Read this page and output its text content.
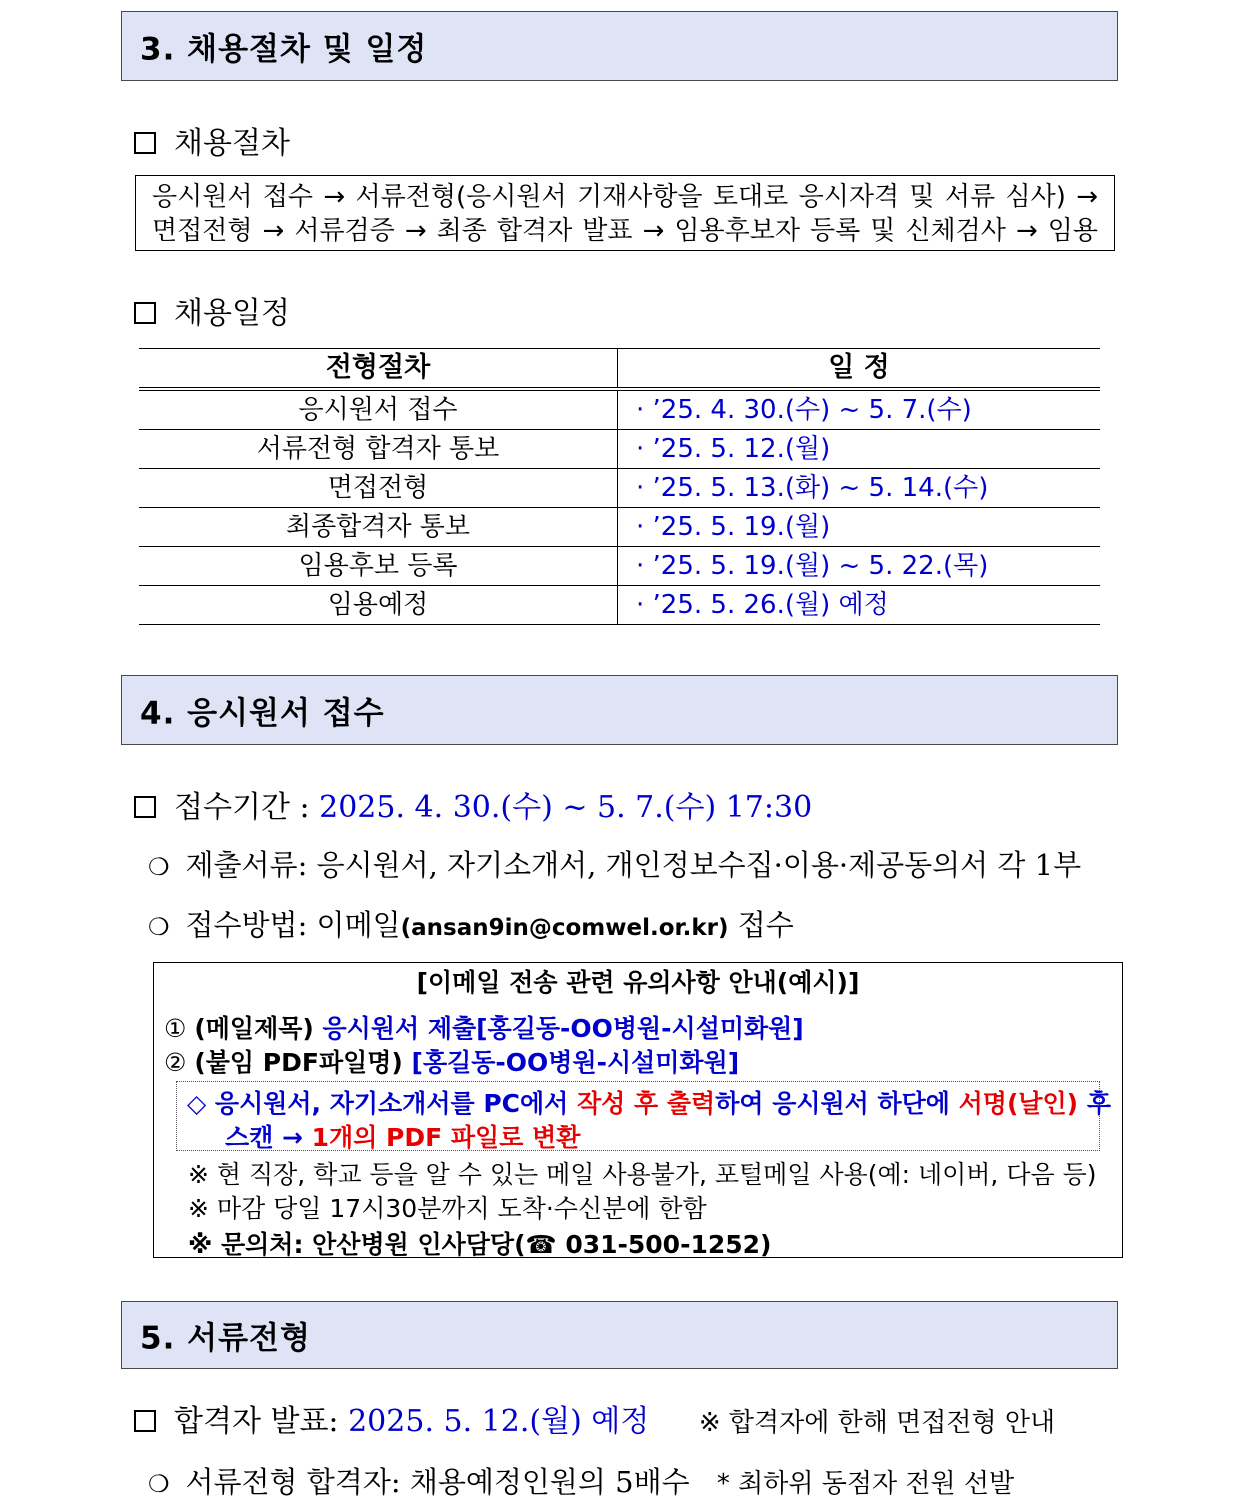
3. 채용절차 및 일정
채용절차
응시원서 접수 → 서류전형(응시원서 기재사항을 토대로 응시자격 및 서류 심사) →
면접전형 → 서류검증 → 최종 합격자 발표 → 임용후보자 등록 및 신체검사 → 임용
채용일정
전형절차	일 정
응시원서 접수	· ’25. 4. 30.(수) ~ 5. 7.(수)
서류전형 합격자 통보	· ’25. 5. 12.(월)
면접전형	· ’25. 5. 13.(화) ~ 5. 14.(수)
최종합격자 통보	· ’25. 5. 19.(월)
임용후보 등록	· ’25. 5. 19.(월) ~ 5. 22.(목)
임용예정	· ’25. 5. 26.(월) 예정
4. 응시원서 접수
접수기간 : 2025. 4. 30.(수) ~ 5. 7.(수) 17:30
❍ 제출서류: 응시원서, 자기소개서, 개인정보수집·이용·제공동의서 각 1부
❍ 접수방법: 이메일(ansan9in@comwel.or.kr) 접수
[이메일 전송 관련 유의사항 안내(예시)]
① (메일제목) 응시원서 제출[홍길동-OO병원-시설미화원]
② (붙임 PDF파일명) [홍길동-OO병원-시설미화원]
◇ 응시원서, 자기소개서를 PC에서 작성 후 출력하여 응시원서 하단에 서명(날인) 후
스캔 → 1개의 PDF 파일로 변환
※ 현 직장, 학교 등을 알 수 있는 메일 사용불가, 포털메일 사용(예: 네이버, 다음 등)
※ 마감 당일 17시30분까지 도착·수신분에 한함
※ 문의처: 안산병원 인사담당(☎ 031-500-1252)
5. 서류전형
합격자 발표: 2025. 5. 12.(월) 예정 ※ 합격자에 한해 면접전형 안내
❍ 서류전형 합격자: 채용예정인원의 5배수 * 최하위 동점자 전원 선발
